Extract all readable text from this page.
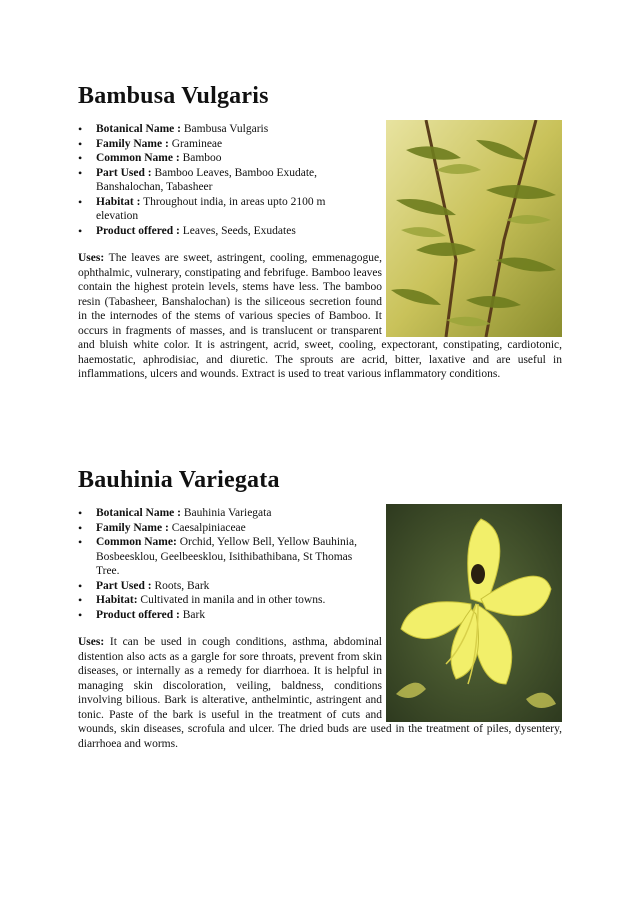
Bambusa Vulgaris
• Botanical Name : Bambusa Vulgaris
• Family Name : Gramineae
• Common Name : Bamboo
• Part Used : Bamboo Leaves, Bamboo Exudate, Banshalochan, Tabasheer
• Habitat : Throughout india, in areas upto 2100 m elevation
• Product offered : Leaves, Seeds, Exudates

Uses: The leaves are sweet, astringent, cooling, emmenagogue, ophthalmic, vulnerary, constipating and febrifuge. Bamboo leaves contain the highest protein levels, stems have less. The bamboo resin (Tabasheer, Banshalochan) is the siliceous secretion found in the internodes of the stems of various species of Bamboo. It occurs in fragments of masses, and is translucent or transparent and bluish white color. It is astringent, acrid, sweet, cooling, expectorant, constipating, cardiotonic, haemostatic, aphrodisiac, and diuretic. The sprouts are acrid, bitter, laxative and are useful in inflammations, ulcers and wounds. Extract is used to treat various inflammatory conditions.

Bauhinia Variegata
• Botanical Name : Bauhinia Variegata
• Family Name : Caesalpiniaceae
• Common Name: Orchid, Yellow Bell, Yellow Bauhinia, Bosbeesklou, Geelbeesklou, Isithibathibana, St Thomas Tree.
• Part Used : Roots, Bark
• Habitat: Cultivated in manila and in other towns.
• Product offered : Bark

Uses: It can be used in cough conditions, asthma, abdominal distention also acts as a gargle for sore throats, prevent from skin diseases, or internally as a remedy for diarrhoea. It is helpful in managing skin discoloration, veiling, baldness, conditions involving bilious. Bark is alterative, anthelmintic, astringent and tonic. Paste of the bark is useful in the treatment of cuts and wounds, skin diseases, scrofula and ulcer. The dried buds are used in the treatment of piles, dysentery, diarrhoea and worms.
